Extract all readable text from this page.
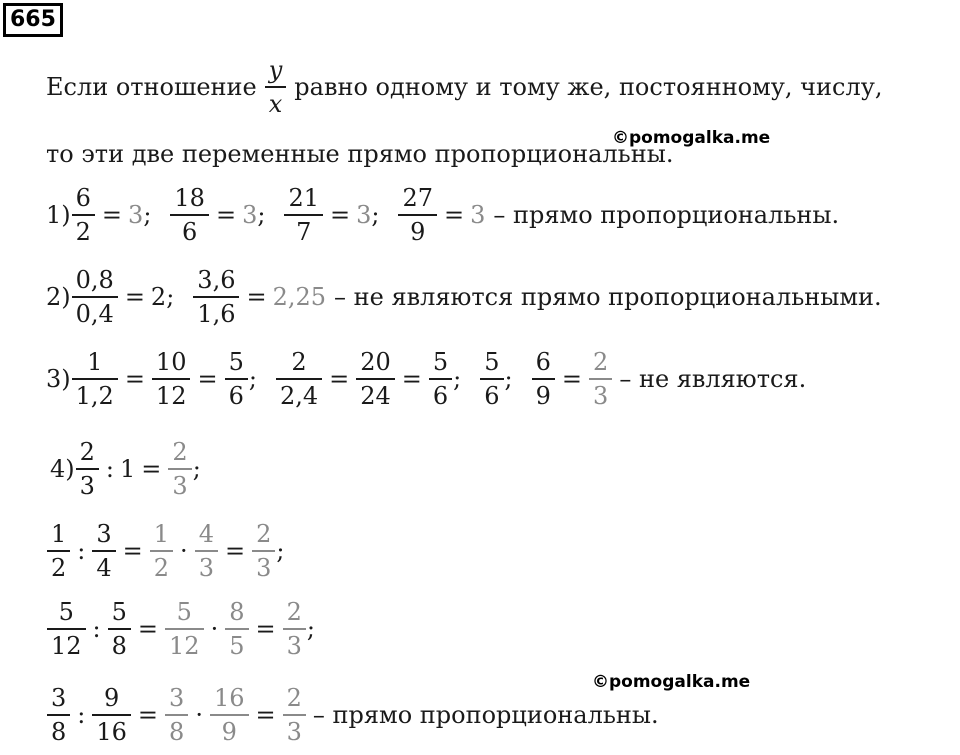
665
Если отношение $\frac{y}{x}$ равно одному и тому же, постоянному, числу,
то эти две переменные прямо пропорциональны.
©pomogalka.me
$1) \frac{6}{2} = 3$ ; $\frac{18}{6} = 3$ ; $\frac{21}{7} = 3$ ; $\frac{27}{9} = 3$ – прямо пропорциональны.
$2) \frac{0,8}{0,4} = 2$ ; $\frac{3,6}{1,6} = 2,25$ – не являются прямо пропорциональными.
$3) \frac{1}{1,2} = \frac{10}{12} = \frac{5}{6}$ ; $\frac{2}{2,4} = \frac{20}{24} = \frac{5}{6}$ ; $\frac{5}{6}$ ; $\frac{6}{9} = \frac{2}{3}$ – не являются.
$4) \frac{2}{3}$ : $1 = \frac{2}{3}$ ;
$\frac{1}{2}$ : $\frac{3}{4} = \frac{1}{2} \cdot \frac{4}{3} = \frac{2}{3}$ ;
$\frac{5}{12}$ : $\frac{5}{8} = \frac{5}{12} \cdot \frac{8}{5} = \frac{2}{3}$ ;
©pomogalka.me
$\frac{3}{8}$ : $\frac{9}{16} = \frac{3}{8} \cdot \frac{16}{9} = \frac{2}{3}$ – прямо пропорциональны.
